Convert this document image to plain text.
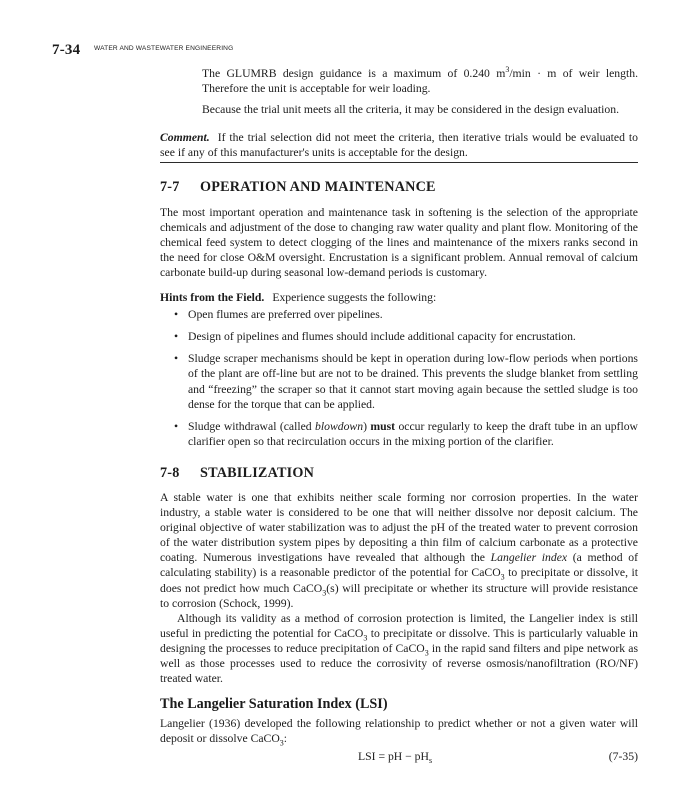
7-34 WATER AND WASTEWATER ENGINEERING

The GLUMRB design guidance is a maximum of 0.240 $m^3/\min \cdot m$ of weir length. Therefore the unit is acceptable for weir loading.

Because the trial unit meets all the criteria, it may be considered in the design evaluation.

Comment. If the trial selection did not meet the criteria, then iterative trials would be evaluated to see if any of this manufacturer's units is acceptable for the design.

7-7 OPERATION AND MAINTENANCE

The most important operation and maintenance task in softening is the selection of the appropriate chemicals and adjustment of the dose to changing raw water quality and plant flow. Monitoring of the chemical feed system to detect clogging of the lines and maintenance of the mixers ranks second in the need for close O&M oversight. Encrustation is a significant problem. Annual removal of calcium carbonate build-up during seasonal low-demand periods is customary.

Hints from the Field. Experience suggests the following:

• Open flumes are preferred over pipelines.
• Design of pipelines and flumes should include additional capacity for encrustation.
• Sludge scraper mechanisms should be kept in operation during low-flow periods when portions of the plant are off-line but are not to be drained. This prevents the sludge blanket from settling and “freezing” the scraper so that it cannot start moving again because the settled sludge is too dense for the torque that can be applied.
• Sludge withdrawal (called blowdown) must occur regularly to keep the draft tube in an upflow clarifier open so that recirculation occurs in the mixing portion of the clarifier.
7-8 STABILIZATION

A stable water is one that exhibits neither scale forming nor corrosion properties. In the water industry, a stable water is considered to be one that will neither dissolve nor deposit calcium. The original objective of water stabilization was to adjust the pH of the treated water to prevent corrosion of the water distribution system pipes by depositing a thin film of calcium carbonate as a protective coating. Numerous investigations have revealed that although the Langelier index (a method of calculating stability) is a reasonable predictor of the potential for CaCO$_3$ to precipitate or dissolve, it does not predict how much CaCO$_3$(s) will precipitate or whether its structure will provide resistance to corrosion (Schock, 1999).

Although its validity as a method of corrosion protection is limited, the Langelier index is still useful in predicting the potential for CaCO$_3$ to precipitate or dissolve. This is particularly valuable in designing the processes to reduce precipitation of CaCO$_3$ in the rapid sand filters and pipe network as well as those processes used to reduce the corrosivity of reverse osmosis/nanofiltration (RO/NF) treated water.

The Langelier Saturation Index (LSI)

Langelier (1936) developed the following relationship to predict whether or not a given water will deposit or dissolve CaCO$_3$:

LSI = pH − $pH_s$	(7-35)
